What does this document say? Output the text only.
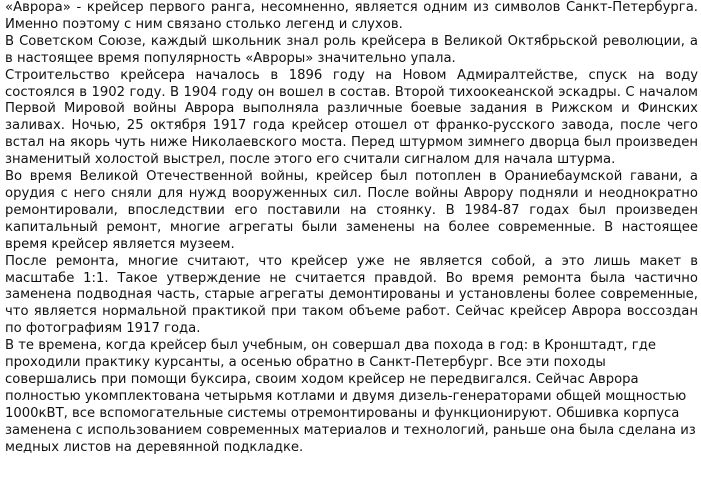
«Аврора» - крейсер первого ранга, несомненно, является одним из символов Санкт-Петербурга. Именно поэтому с ним связано столько легенд и слухов.

В Советском Союзе, каждый школьник знал роль крейсера в Великой Октябрьской революции, а в настоящее время популярность «Авроры» значительно упала.

Строительство крейсера началось в 1896 году на Новом Адмиралтействе, спуск на воду состоялся в 1902 году. В 1904 году он вошел в состав. Второй тихоокеанской эскадры. С началом Первой Мировой войны Аврора выполняла различные боевые задания в Рижском и Финских заливах. Ночью, 25 октября 1917 года крейсер отошел от франко-русского завода, после чего встал на якорь чуть ниже Николаевского моста. Перед штурмом зимнего дворца был произведен знаменитый холостой выстрел, после этого его считали сигналом для начала штурма.

Во время Великой Отечественной войны, крейсер был потоплен в Ораниебаумской гавани, а орудия с него сняли для нужд вооруженных сил. После войны Аврору подняли и неоднократно ремонтировали, впоследствии его поставили на стоянку. В 1984-87 годах был произведен капитальный ремонт, многие агрегаты были заменены на более современные. В настоящее время крейсер является музеем.

После ремонта, многие считают, что крейсер уже не является собой, а это лишь макет в масштабе 1:1. Такое утверждение не считается правдой. Во время ремонта была частично заменена подводная часть, старые агрегаты демонтированы и установлены более современные, что является нормальной практикой при таком объеме работ. Сейчас крейсер Аврора воссоздан по фотографиям 1917 года.

В те времена, когда крейсер был учебным, он совершал два похода в год: в Кронштадт, где проходили практику курсанты, а осенью обратно в Санкт-Петербург. Все эти походы совершались при помощи буксира, своим ходом крейсер не передвигался. Сейчас Аврора полностью укомплектована четырьмя котлами и двумя дизель-генераторами общей мощностью 1000кВТ, все вспомогательные системы отремонтированы и функционируют. Обшивка корпуса заменена с использованием современных материалов и технологий, раньше она была сделана из медных листов на деревянной подкладке.
